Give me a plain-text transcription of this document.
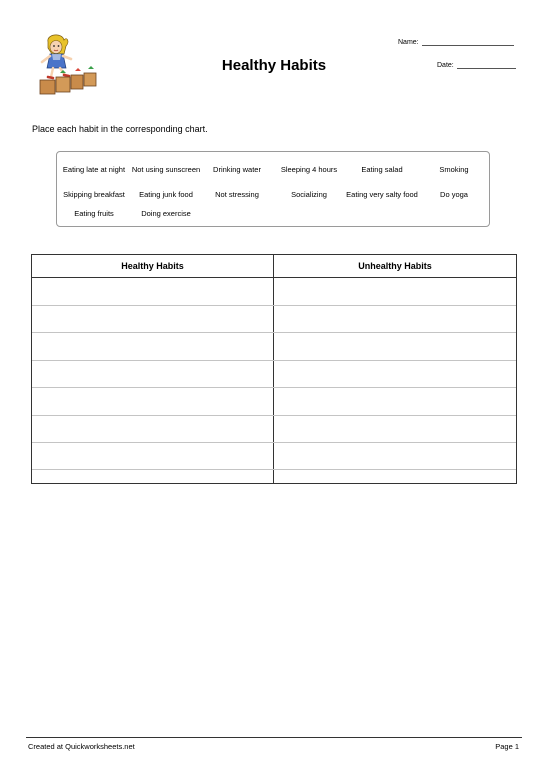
Name:
Date:
Healthy Habits
Place each habit in the corresponding chart.
Eating late at night Not using sunscreen	Drinking water	Sleeping 4 hours	Eating salad	Smoking
Skipping breakfast	Eating junk food	Not stressing	Socializing	Eating very salty food	Do yoga
Eating fruits	Doing exercise
Healthy Habits	Unhealthy Habits
Created at Quickworksheets.net	Page 1
